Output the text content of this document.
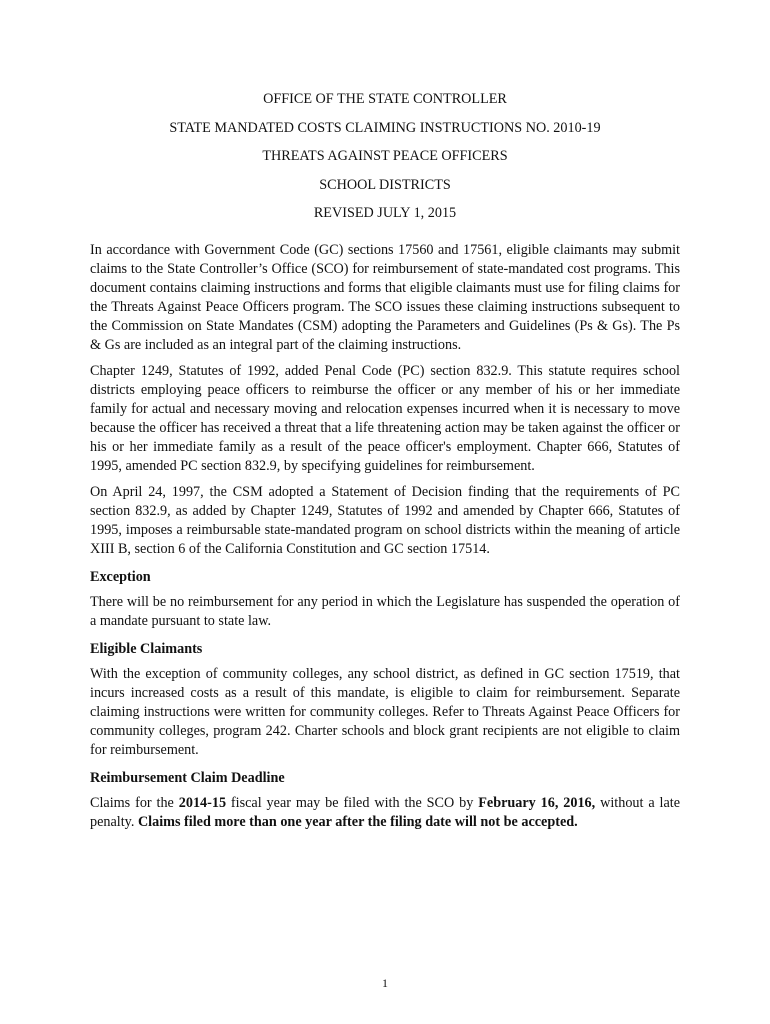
OFFICE OF THE STATE CONTROLLER
STATE MANDATED COSTS CLAIMING INSTRUCTIONS NO. 2010-19
THREATS AGAINST PEACE OFFICERS
SCHOOL DISTRICTS
REVISED JULY 1, 2015

In accordance with Government Code (GC) sections 17560 and 17561, eligible claimants may submit claims to the State Controller’s Office (SCO) for reimbursement of state-mandated cost programs. This document contains claiming instructions and forms that eligible claimants must use for filing claims for the Threats Against Peace Officers program. The SCO issues these claiming instructions subsequent to the Commission on State Mandates (CSM) adopting the Parameters and Guidelines (Ps & Gs). The Ps & Gs are included as an integral part of the claiming instructions.

Chapter 1249, Statutes of 1992, added Penal Code (PC) section 832.9. This statute requires school districts employing peace officers to reimburse the officer or any member of his or her immediate family for actual and necessary moving and relocation expenses incurred when it is necessary to move because the officer has received a threat that a life threatening action may be taken against the officer or his or her immediate family as a result of the peace officer's employment. Chapter 666, Statutes of 1995, amended PC section 832.9, by specifying guidelines for reimbursement.

On April 24, 1997, the CSM adopted a Statement of Decision finding that the requirements of PC section 832.9, as added by Chapter 1249, Statutes of 1992 and amended by Chapter 666, Statutes of 1995, imposes a reimbursable state-mandated program on school districts within the meaning of article XIII B, section 6 of the California Constitution and GC section 17514.

Exception

There will be no reimbursement for any period in which the Legislature has suspended the operation of a mandate pursuant to state law.

Eligible Claimants

With the exception of community colleges, any school district, as defined in GC section 17519, that incurs increased costs as a result of this mandate, is eligible to claim for reimbursement. Separate claiming instructions were written for community colleges. Refer to Threats Against Peace Officers for community colleges, program 242. Charter schools and block grant recipients are not eligible to claim for reimbursement.

Reimbursement Claim Deadline

Claims for the 2014-15 fiscal year may be filed with the SCO by February 16, 2016, without a late penalty. Claims filed more than one year after the filing date will not be accepted.

1
